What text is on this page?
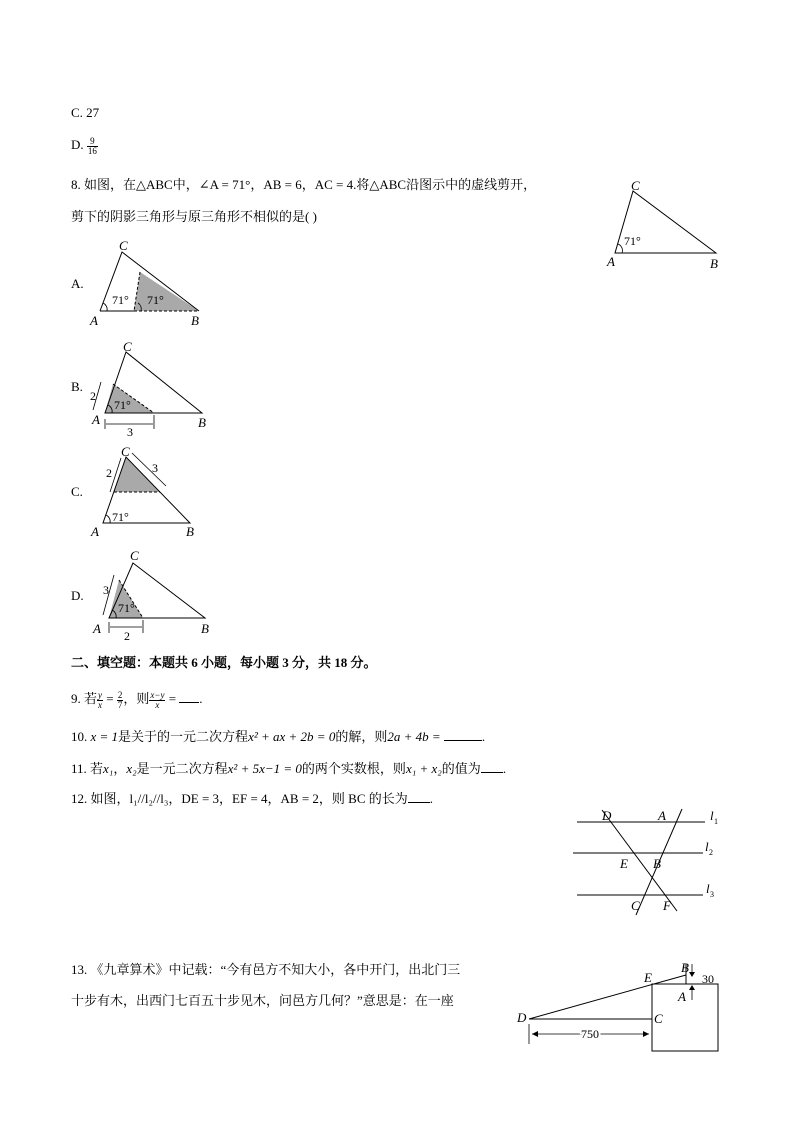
C. 27
D. $\frac{9}{16}$
8. 如图，在△ABC中，∠A = 71°，AB = 6，AC = 4.将△ABC沿图示中的虚线剪开，
剪下的阴影三角形与原三角形不相似的是( )
C
A	B
71°
A.
C
A	B
71° 71°
B.
C
A	B
2
3
71°
C.
C
A	B
2	3
71°
D.
C
A	B
3
2
71°
二、填空题：本题共 6 小题，每小题 3 分，共 18 分。
9. 若 $\frac{y}{x} = \frac{2}{7}$ ，则 $\frac{x-y}{x}$ = .
10. x = 1是关于的一元二次方程x² + ax + 2b = 0的解，则2a + 4b =	.
11. 若x₁，x₂是一元二次方程x² + 5x−1 = 0的两个实数根，则x₁ + x₂的值为 .
12. 如图，l₁//l₂//l₃，DE = 3，EF = 4，AB = 2，则 BC 的长为 .
D	A
E B
C F
l 1
l 2
l 3
13. 《九章算术》中记载：“今有邑方不知大小，各中开门，出北门三
十步有木，出西门七百五十步见木，问邑方几何？”意思是：在一座
E
B
A
D	C
30
750
